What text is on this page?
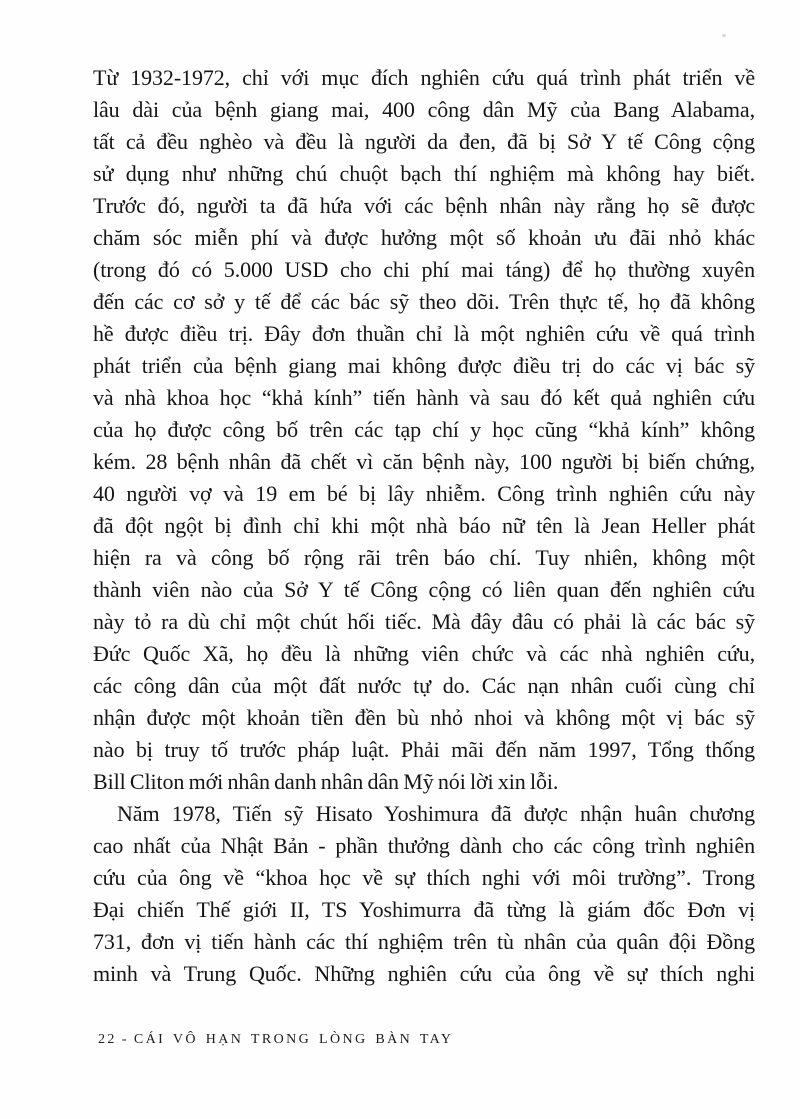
Từ 1932-1972, chỉ với mục đích nghiên cứu quá trình phát triển về
lâu dài của bệnh giang mai, 400 công dân Mỹ của Bang Alabama,
tất cả đều nghèo và đều là người da đen, đã bị Sở Y tế Công cộng
sử dụng như những chú chuột bạch thí nghiệm mà không hay biết.
Trước đó, người ta đã hứa với các bệnh nhân này rằng họ sẽ được
chăm sóc miễn phí và được hưởng một số khoản ưu đãi nhỏ khác
(trong đó có 5.000 USD cho chi phí mai táng) để họ thường xuyên
đến các cơ sở y tế để các bác sỹ theo dõi. Trên thực tế, họ đã không
hề được điều trị. Đây đơn thuần chỉ là một nghiên cứu về quá trình
phát triển của bệnh giang mai không được điều trị do các vị bác sỹ
và nhà khoa học “khả kính” tiến hành và sau đó kết quả nghiên cứu
của họ được công bố trên các tạp chí y học cũng “khả kính” không
kém. 28 bệnh nhân đã chết vì căn bệnh này, 100 người bị biến chứng,
40 người vợ và 19 em bé bị lây nhiễm. Công trình nghiên cứu này
đã đột ngột bị đình chỉ khi một nhà báo nữ tên là Jean Heller phát
hiện ra và công bố rộng rãi trên báo chí. Tuy nhiên, không một
thành viên nào của Sở Y tế Công cộng có liên quan đến nghiên cứu
này tỏ ra dù chỉ một chút hối tiếc. Mà đây đâu có phải là các bác sỹ
Đức Quốc Xã, họ đều là những viên chức và các nhà nghiên cứu,
các công dân của một đất nước tự do. Các nạn nhân cuối cùng chỉ
nhận được một khoản tiền đền bù nhỏ nhoi và không một vị bác sỹ
nào bị truy tố trước pháp luật. Phải mãi đến năm 1997, Tổng thống
Bill Cliton mới nhân danh nhân dân Mỹ nói lời xin lỗi.
Năm 1978, Tiến sỹ Hisato Yoshimura đã được nhận huân chương
cao nhất của Nhật Bản - phần thưởng dành cho các công trình nghiên
cứu của ông về “khoa học về sự thích nghi với môi trường”. Trong
Đại chiến Thế giới II, TS Yoshimurra đã từng là giám đốc Đơn vị
731, đơn vị tiến hành các thí nghiệm trên tù nhân của quân đội Đồng
minh và Trung Quốc. Những nghiên cứu của ông về sự thích nghi
22 - CÁI VÔ HẠN TRONG LÒNG BÀN TAY
